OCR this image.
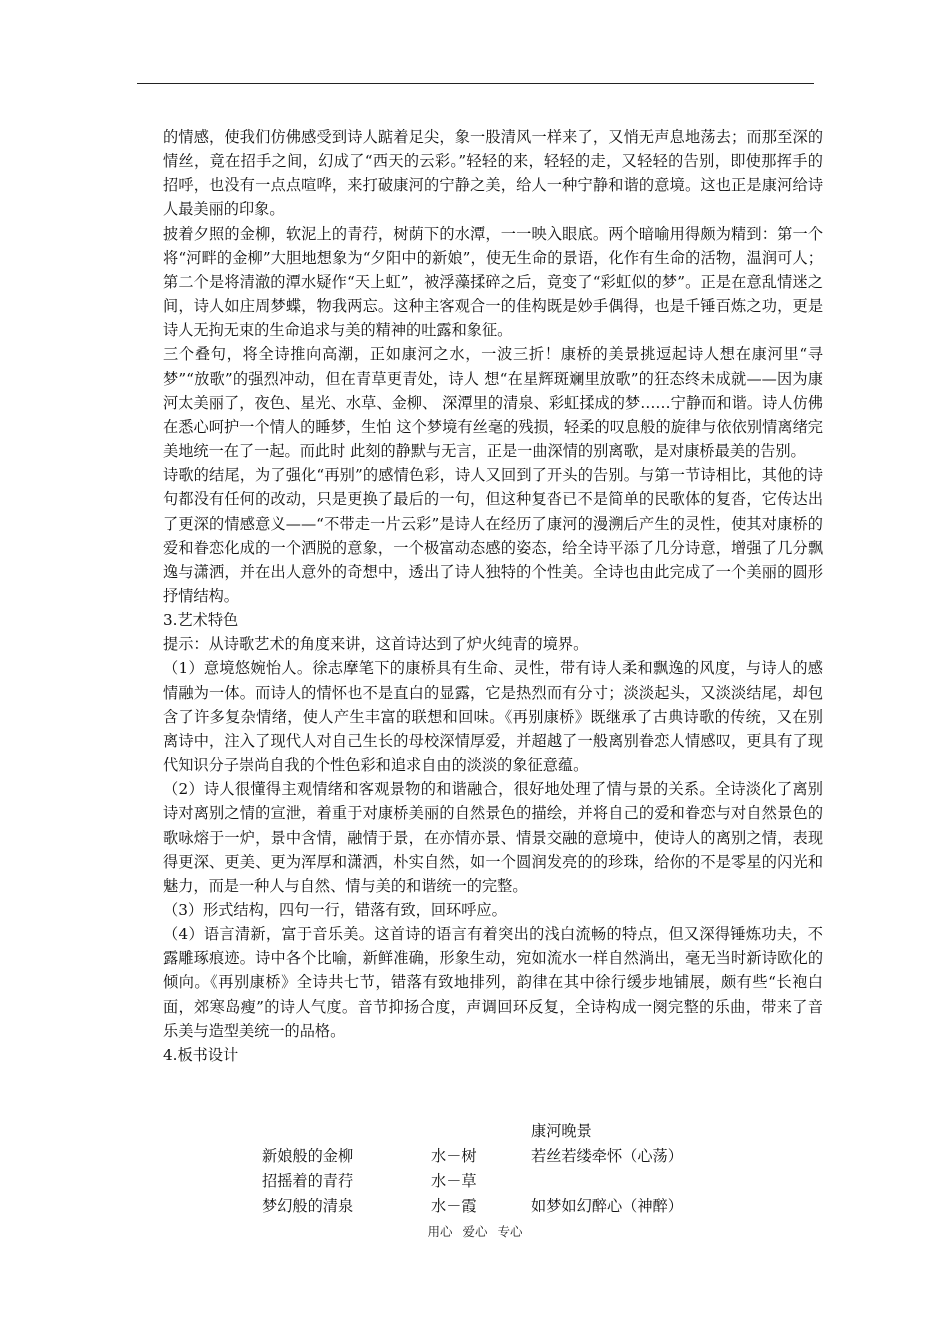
的情感，使我们仿佛感受到诗人踮着足尖，象一股清风一样来了，又悄无声息地荡去；而那至深的情丝，竟在招手之间，幻成了“西天的云彩。”轻轻的来，轻轻的走，又轻轻的告别，即使那挥手的招呼，也没有一点点喧哗，来打破康河的宁静之美，给人一种宁静和谐的意境。这也正是康河给诗人最美丽的印象。

披着夕照的金柳，软泥上的青荇，树荫下的水潭，一一映入眼底。两个暗喻用得颇为精到：第一个将“河畔的金柳”大胆地想象为“夕阳中的新娘”，使无生命的景语，化作有生命的活物，温润可人；第二个是将清澈的潭水疑作“天上虹”，被浮藻揉碎之后，竟变了“彩虹似的梦”。正是在意乱情迷之间，诗人如庄周梦蝶，物我两忘。这种主客观合一的佳构既是妙手偶得，也是千锤百炼之功，更是诗人无拘无束的生命追求与美的精神的吐露和象征。

三个叠句，将全诗推向高潮，正如康河之水，一波三折！康桥的美景挑逗起诗人想在康河里“寻梦”“放歌”的强烈冲动，但在青草更青处，诗人 想“在星辉斑斓里放歌”的狂态终未成就——因为康河太美丽了，夜色、星光、水草、金柳、 深潭里的清泉、彩虹揉成的梦……宁静而和谐。诗人仿佛在悉心呵护一个情人的睡梦，生怕 这个梦境有丝毫的残损，轻柔的叹息般的旋律与依依别情离绪完美地统一在了一起。而此时 此刻的静默与无言，正是一曲深情的别离歌，是对康桥最美的告别。

诗歌的结尾，为了强化“再别”的感情色彩，诗人又回到了开头的告别。与第一节诗相比，其他的诗句都没有任何的改动，只是更换了最后的一句，但这种复沓已不是简单的民歌体的复沓，它传达出了更深的情感意义——“不带走一片云彩”是诗人在经历了康河的漫溯后产生的灵性，使其对康桥的爱和眷恋化成的一个洒脱的意象，一个极富动态感的姿态，给全诗平添了几分诗意，增强了几分飘逸与潇洒，并在出人意外的奇想中，透出了诗人独特的个性美。全诗也由此完成了一个美丽的圆形抒情结构。

3.艺术特色

提示：从诗歌艺术的角度来讲，这首诗达到了炉火纯青的境界。

（1）意境悠婉怡人。徐志摩笔下的康桥具有生命、灵性，带有诗人柔和飘逸的风度，与诗人的感情融为一体。而诗人的情怀也不是直白的显露，它是热烈而有分寸；淡淡起头，又淡淡结尾，却包含了许多复杂情绪，使人产生丰富的联想和回味。《再别康桥》既继承了古典诗歌的传统，又在别离诗中，注入了现代人对自己生长的母校深情厚爱，并超越了一般离别眷恋人情感叹，更具有了现代知识分子崇尚自我的个性色彩和追求自由的淡淡的象征意蕴。

（2）诗人很懂得主观情绪和客观景物的和谐融合，很好地处理了情与景的关系。全诗淡化了离别诗对离别之情的宣泄，着重于对康桥美丽的自然景色的描绘，并将自己的爱和眷恋与对自然景色的歌咏熔于一炉，景中含情，融情于景，在亦情亦景、情景交融的意境中，使诗人的离别之情，表现得更深、更美、更为浑厚和潇洒，朴实自然，如一个圆润发亮的的珍珠，给你的不是零星的闪光和魅力，而是一种人与自然、情与美的和谐统一的完整。

（3）形式结构，四句一行，错落有致，回环呼应。

（4）语言清新，富于音乐美。这首诗的语言有着突出的浅白流畅的特点，但又深得锤炼功夫，不露雕琢痕迹。诗中各个比喻，新鲜准确，形象生动，宛如流水一样自然淌出，毫无当时新诗欧化的倾向。《再别康桥》全诗共七节，错落有致地排列，韵律在其中徐行缓步地铺展，颇有些“长袍白面，郊寒岛瘦”的诗人气度。音节抑扬合度，声调回环反复，全诗构成一阕完整的乐曲，带来了音乐美与造型美统一的品格。

4.板书设计

康河晚景
新娘般的金柳	水－树	若丝若缕牵怀（心荡）
招摇着的青荇	水－草
梦幻般的清泉	水－霞	如梦如幻醉心（神醉）
用心 爱心 专心
